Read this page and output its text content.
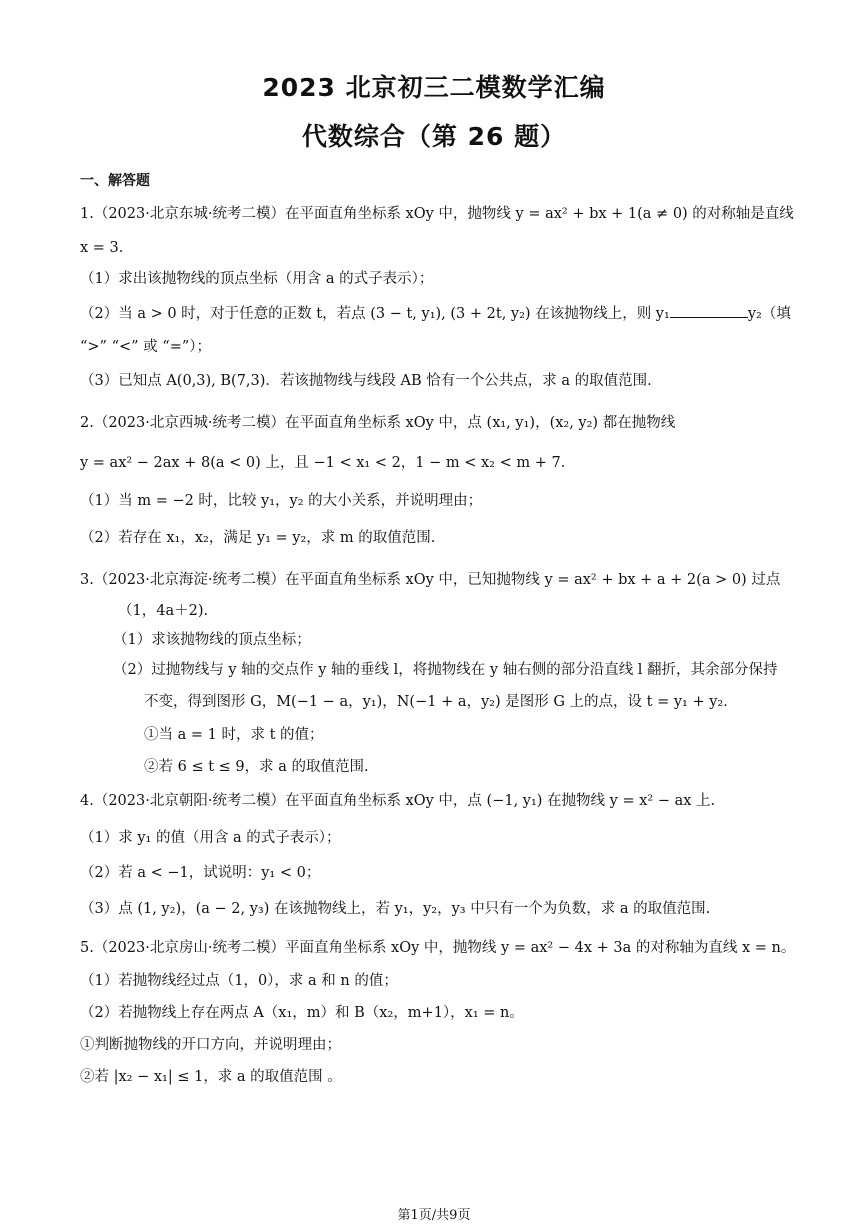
2023 北京初三二模数学汇编
代数综合（第 26 题）
一、解答题
1.（2023·北京东城·统考二模）在平面直角坐标系 xOy 中，抛物线 y = ax² + bx + 1(a ≠ 0) 的对称轴是直线
x = 3．
（1）求出该抛物线的顶点坐标（用含 a 的式子表示）；
（2）当 a > 0 时，对于任意的正数 t，若点 (3 − t, y₁), (3 + 2t, y₂) 在该抛物线上，则 y₁	y₂（填
“>” “<” 或 “=”）；
（3）已知点 A(0,3), B(7,3)．若该抛物线与线段 AB 恰有一个公共点，求 a 的取值范围.
2.（2023·北京西城·统考二模）在平面直角坐标系 xOy 中，点 (x₁, y₁)，(x₂, y₂) 都在抛物线
y = ax² − 2ax + 8(a < 0) 上，且 −1 < x₁ < 2，1 − m < x₂ < m + 7．
（1）当 m = −2 时，比较 y₁，y₂ 的大小关系，并说明理由；
（2）若存在 x₁，x₂，满足 y₁ = y₂，求 m 的取值范围.
3.（2023·北京海淀·统考二模）在平面直角坐标系 xOy 中，已知抛物线 y = ax² + bx + a + 2(a > 0) 过点
（1，4a＋2).
（1）求该抛物线的顶点坐标；
（2）过抛物线与 y 轴的交点作 y 轴的垂线 l，将抛物线在 y 轴右侧的部分沿直线 l 翻折，其余部分保持
不变，得到图形 G，M(−1 − a，y₁)，N(−1 + a，y₂) 是图形 G 上的点，设 t = y₁ + y₂．
①当 a = 1 时，求 t 的值；
②若 6 ≤ t ≤ 9，求 a 的取值范围.
4.（2023·北京朝阳·统考二模）在平面直角坐标系 xOy 中，点 (−1, y₁) 在抛物线 y = x² − ax 上.
（1）求 y₁ 的值（用含 a 的式子表示）；
（2）若 a < −1，试说明：y₁ < 0；
（3）点 (1, y₂)，(a − 2, y₃) 在该抛物线上，若 y₁，y₂，y₃ 中只有一个为负数，求 a 的取值范围.
5.（2023·北京房山·统考二模）平面直角坐标系 xOy 中，抛物线 y = ax² − 4x + 3a 的对称轴为直线 x = n。
（1）若抛物线经过点（1，0），求 a 和 n 的值；
（2）若抛物线上存在两点 A（x₁，m）和 B（x₂，m+1），x₁ = n。
①判断抛物线的开口方向，并说明理由；
②若 |x₂ − x₁| ≤ 1，求 a 的取值范围 。
第1页/共9页
